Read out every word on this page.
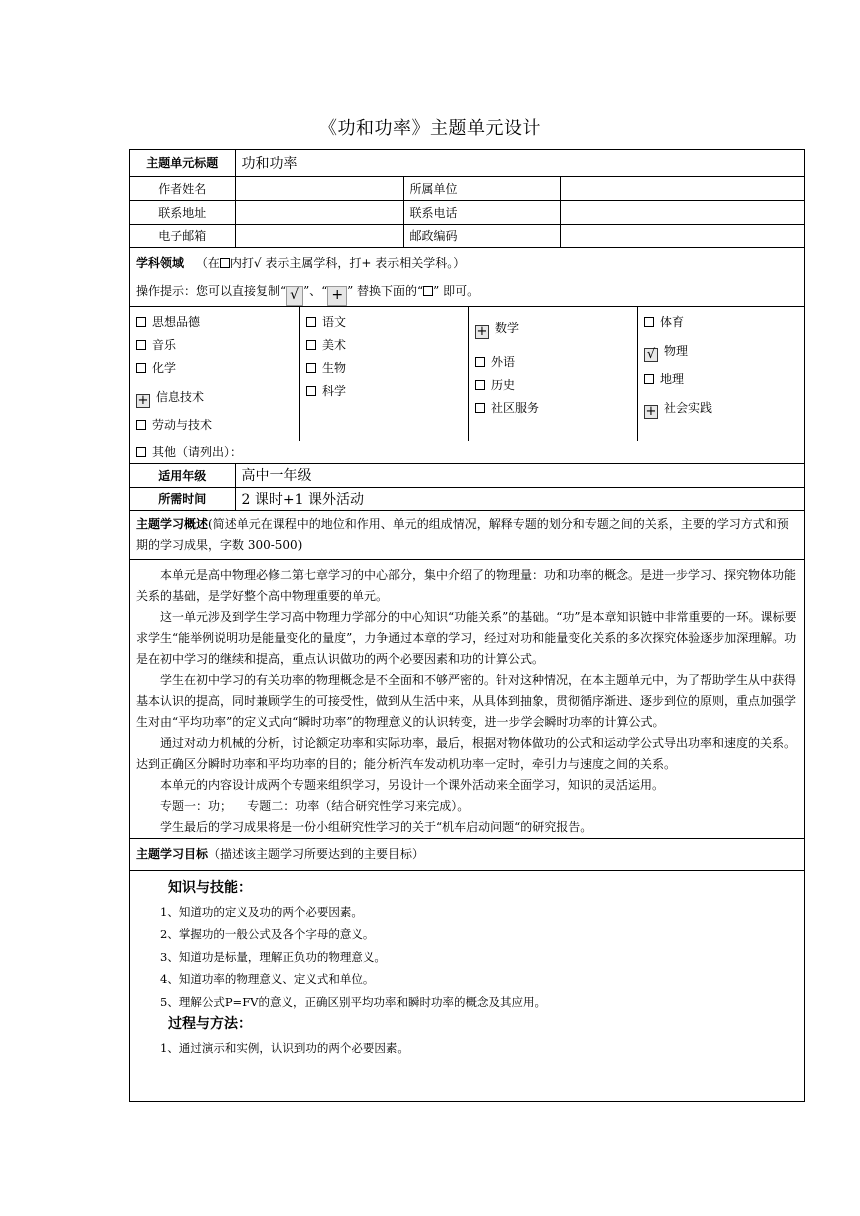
《功和功率》主题单元设计
主题单元标题	功和功率		
作者姓名		所属单位	
联系地址		联系电话	
电子邮箱		邮政编码	
学科领域 （在 内打√ 表示主属学科，打+ 表示相关学科。）
操作提示：您可以直接复制“ √ ”、“ + ” 替换下面的“ ” 即可。
思想品德
音乐
化学
+ 信息技术
劳动与技术
语文
美术
生物
科学
+ 数学
外语
历史
社区服务
体育
√ 物理
地理
+ 社会实践
其他（请列出）：
适用年级	高中一年级
所需时间	2 课时+1 课外活动
主题学习概述(简述单元在课程中的地位和作用、单元的组成情况，解释专题的划分和专题之间的关系，主要的学习方式和预期的学习成果，字数 300-500)

本单元是高中物理必修二第七章学习的中心部分，集中介绍了的物理量：功和功率的概念。是进一步学习、探究物体功能关系的基础，是学好整个高中物理重要的单元。

这一单元涉及到学生学习高中物理力学部分的中心知识“功能关系”的基础。“功”是本章知识链中非常重要的一环。课标要求学生“能举例说明功是能量变化的量度”，力争通过本章的学习，经过对功和能量变化关系的多次探究体验逐步加深理解。功是在初中学习的继续和提高，重点认识做功的两个必要因素和功的计算公式。

学生在初中学习的有关功率的物理概念是不全面和不够严密的。针对这种情况，在本主题单元中，为了帮助学生从中获得基本认识的提高，同时兼顾学生的可接受性，做到从生活中来，从具体到抽象，贯彻循序渐进、逐步到位的原则，重点加强学生对由“平均功率”的定义式向“瞬时功率”的物理意义的认识转变，进一步学会瞬时功率的计算公式。

通过对动力机械的分析，讨论额定功率和实际功率，最后，根据对物体做功的公式和运动学公式导出功率和速度的关系。达到正确区分瞬时功率和平均功率的目的；能分析汽车发动机功率一定时，牵引力与速度之间的关系。

本单元的内容设计成两个专题来组织学习，另设计一个课外活动来全面学习，知识的灵活运用。

专题一：功；    专题二：功率（结合研究性学习来完成）。

学生最后的学习成果将是一份小组研究性学习的关于“机车启动问题“的研究报告。

主题学习目标（描述该主题学习所要达到的主要目标）
知识与技能：

1、知道功的定义及功的两个必要因素。

2、掌握功的一般公式及各个字母的意义。

3、知道功是标量，理解正负功的物理意义。

4、知道功率的物理意义、定义式和单位。

5、理解公式P=FV的意义，正确区别平均功率和瞬时功率的概念及其应用。

过程与方法：

1、通过演示和实例，认识到功的两个必要因素。
